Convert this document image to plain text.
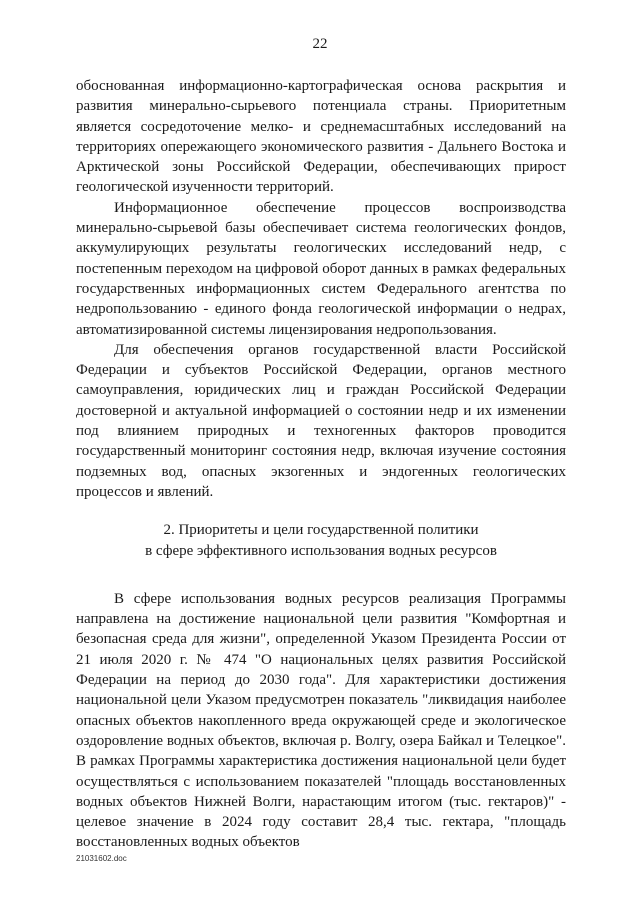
22

обоснованная информационно-картографическая основа раскрытия и развития минерально-сырьевого потенциала страны. Приоритетным является сосредоточение мелко- и среднемасштабных исследований на территориях опережающего экономического развития - Дальнего Востока и Арктической зоны Российской Федерации, обеспечивающих прирост геологической изученности территорий.

Информационное обеспечение процессов воспроизводства минерально-сырьевой базы обеспечивает система геологических фондов, аккумулирующих результаты геологических исследований недр, с постепенным переходом на цифровой оборот данных в рамках федеральных государственных информационных систем Федерального агентства по недропользованию - единого фонда геологической информации о недрах, автоматизированной системы лицензирования недропользования.

Для обеспечения органов государственной власти Российской Федерации и субъектов Российской Федерации, органов местного самоуправления, юридических лиц и граждан Российской Федерации достоверной и актуальной информацией о состоянии недр и их изменении под влиянием природных и техногенных факторов проводится государственный мониторинг состояния недр, включая изучение состояния подземных вод, опасных экзогенных и эндогенных геологических процессов и явлений.

2. Приоритеты и цели государственной политики
в сфере эффективного использования водных ресурсов

В сфере использования водных ресурсов реализация Программы направлена на достижение национальной цели развития "Комфортная и безопасная среда для жизни", определенной Указом Президента России от 21 июля 2020 г. № 474 "О национальных целях развития Российской Федерации на период до 2030 года". Для характеристики достижения национальной цели Указом предусмотрен показатель "ликвидация наиболее опасных объектов накопленного вреда окружающей среде и экологическое оздоровление водных объектов, включая р. Волгу, озера Байкал и Телецкое". В рамках Программы характеристика достижения национальной цели будет осуществляться с использованием показателей "площадь восстановленных водных объектов Нижней Волги, нарастающим итогом (тыс. гектаров)" - целевое значение в 2024 году составит 28,4 тыс. гектара, "площадь восстановленных водных объектов

21031602.doc
